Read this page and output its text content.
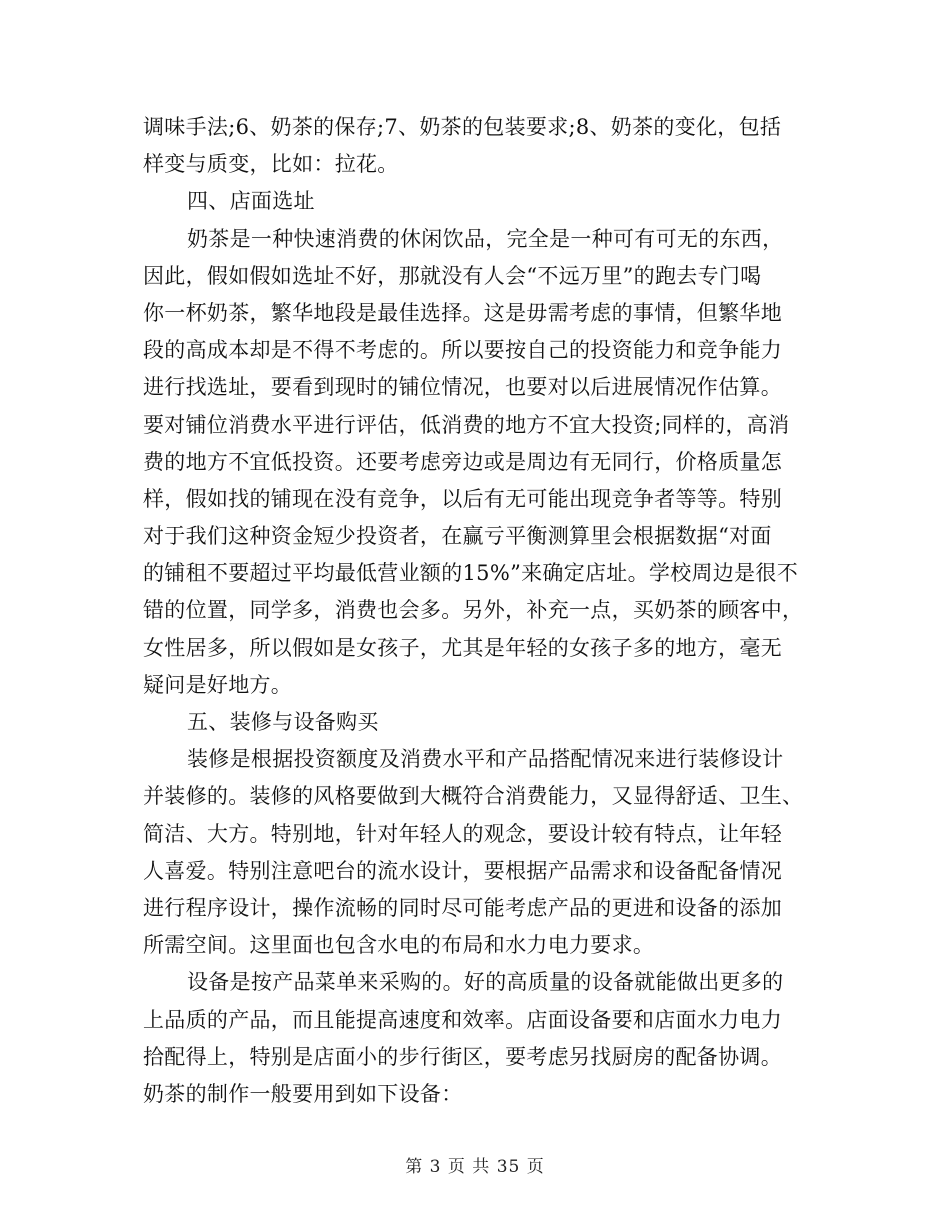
调味手法;6、奶茶的保存;7、奶茶的包装要求;8、奶茶的变化，包括
样变与质变，比如：拉花。
四、店面选址
奶茶是一种快速消费的休闲饮品，完全是一种可有可无的东西，
因此，假如假如选址不好，那就没有人会“不远万里”的跑去专门喝
你一杯奶茶，繁华地段是最佳选择。这是毋需考虑的事情，但繁华地
段的高成本却是不得不考虑的。所以要按自己的投资能力和竞争能力
进行找选址，要看到现时的铺位情况，也要对以后进展情况作估算。
要对铺位消费水平进行评估，低消费的地方不宜大投资;同样的，高消
费的地方不宜低投资。还要考虑旁边或是周边有无同行，价格质量怎
样，假如找的铺现在没有竞争，以后有无可能出现竞争者等等。特别
对于我们这种资金短少投资者，在赢亏平衡测算里会根据数据“对面
的铺租不要超过平均最低营业额的15%”来确定店址。学校周边是很不
错的位置，同学多，消费也会多。另外，补充一点，买奶茶的顾客中，
女性居多，所以假如是女孩子，尤其是年轻的女孩子多的地方，毫无
疑问是好地方。
五、装修与设备购买
装修是根据投资额度及消费水平和产品搭配情况来进行装修设计
并装修的。装修的风格要做到大概符合消费能力，又显得舒适、卫生、
简洁、大方。特别地，针对年轻人的观念，要设计较有特点，让年轻
人喜爱。特别注意吧台的流水设计，要根据产品需求和设备配备情况
进行程序设计，操作流畅的同时尽可能考虑产品的更进和设备的添加
所需空间。这里面也包含水电的布局和水力电力要求。
设备是按产品菜单来采购的。好的高质量的设备就能做出更多的
上品质的产品，而且能提高速度和效率。店面设备要和店面水力电力
拾配得上，特别是店面小的步行街区，要考虑另找厨房的配备协调。
奶茶的制作一般要用到如下设备：
第 3 页 共 35 页
